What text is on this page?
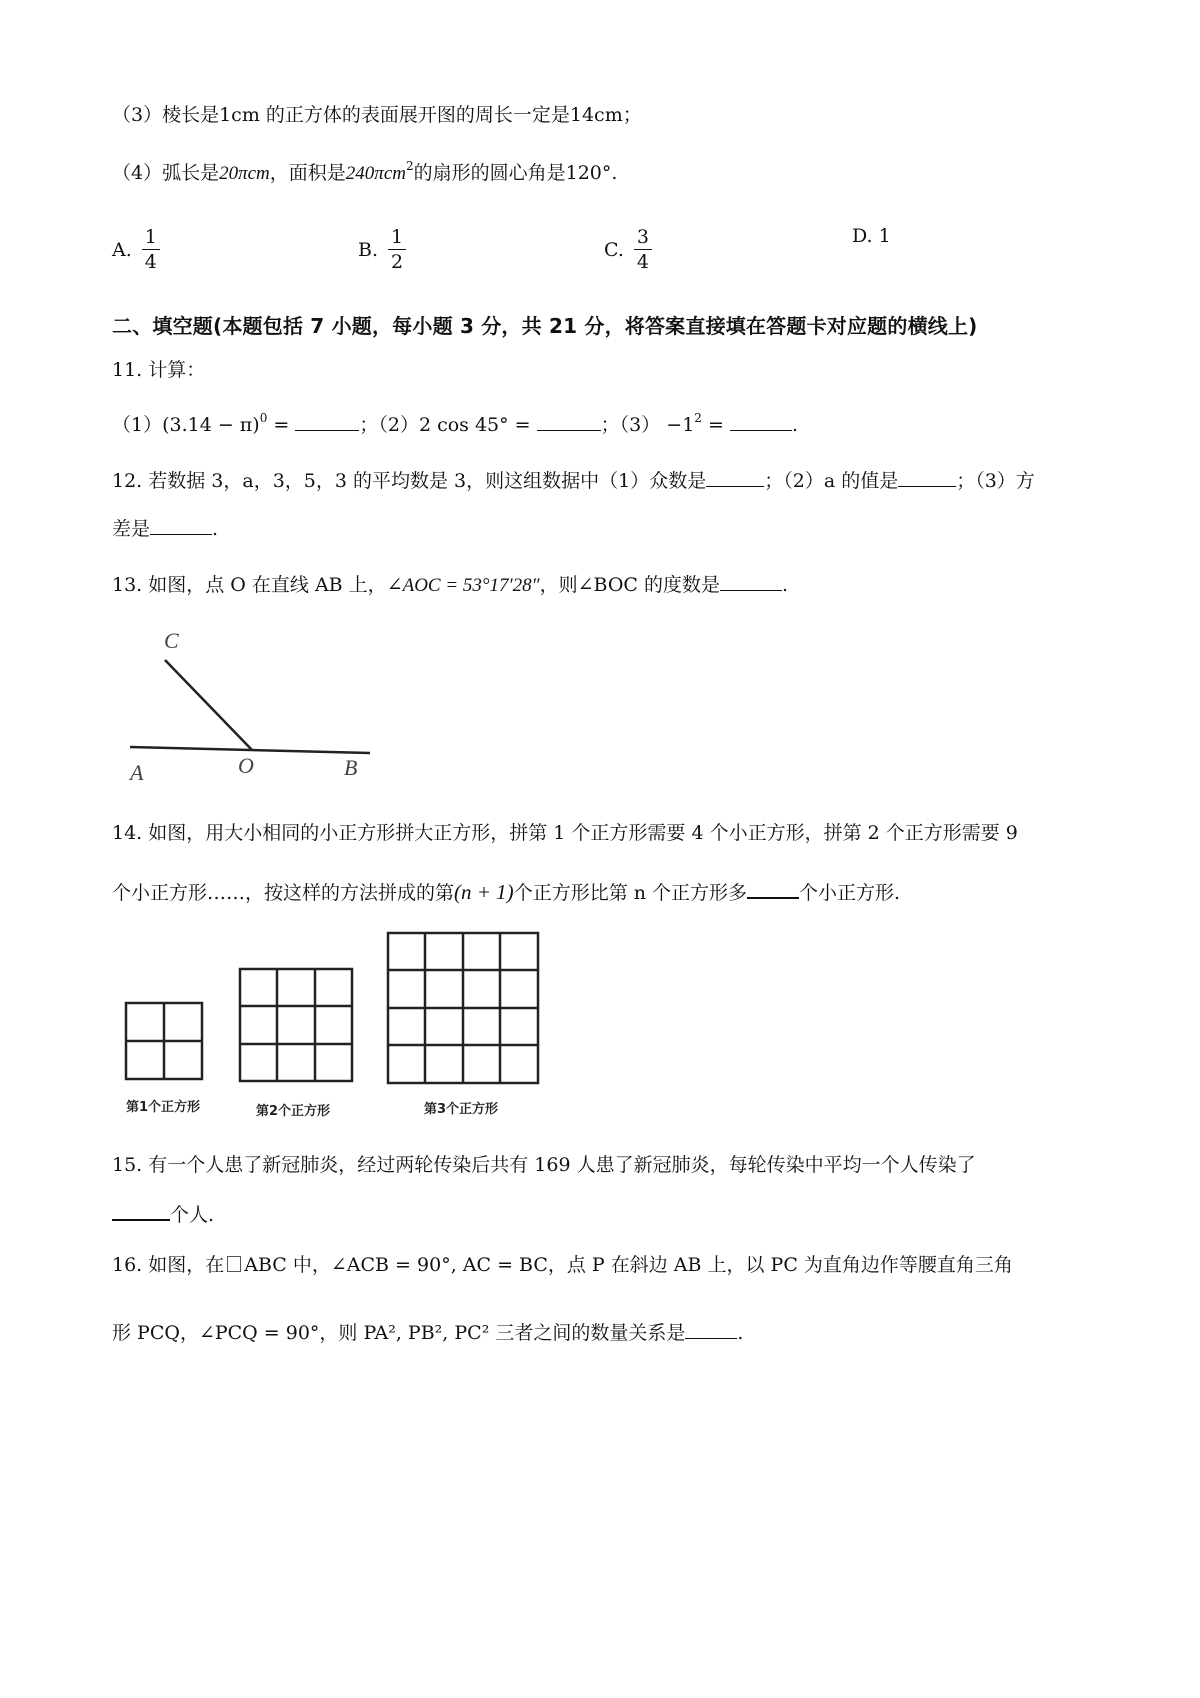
（3）棱长是1cm 的正方体的表面展开图的周长一定是14cm；
（4）弧长是20πcm，面积是240πcm$^2$的扇形的圆心角是120°.
A. $\frac{1}{4}$	B. $\frac{1}{2}$	C. $\frac{3}{4}$	D.
1
二、填空题(本题包括 7 小题，每小题 3 分，共 21 分，将答案直接填在答题卡对应题的横线上)
11. 计算：
$(1)(3.14 - \pi)^0$ =	；（2）2 cos 45° =	；$(3) -1^2$ =	.
12. 若数据 3，a，3，5，3 的平均数是 3，则这组数据中（1）众数是	；（2）a 的值是	；（3）方
差是	.
13. 如图，点 O 在直线 AB 上，∠AOC = 53°17′28″，则∠BOC 的度数是	.
C
A	O	B
14. 如图，用大小相同的小正方形拼大正方形，拼第 1 个正方形需要 4 个小正方形，拼第 2 个正方形需要 9
个小正方形……，按这样的方法拼成的第(n + 1)个正方形比第 n 个正方形多	个小正方形.
第1个正方形	第2个正方形	第3个正方形
15. 有一个人患了新冠肺炎，经过两轮传染后共有 169 人患了新冠肺炎，每轮传染中平均一个人传染了
个人.
16. 如图，在 ABC 中，∠ACB = 90°, AC = BC，点 P 在斜边 AB 上，以 PC 为直角边作等腰直角三角
形 PCQ，∠PCQ = 90°，则 PA², PB², PC² 三者之间的数量关系是	.
